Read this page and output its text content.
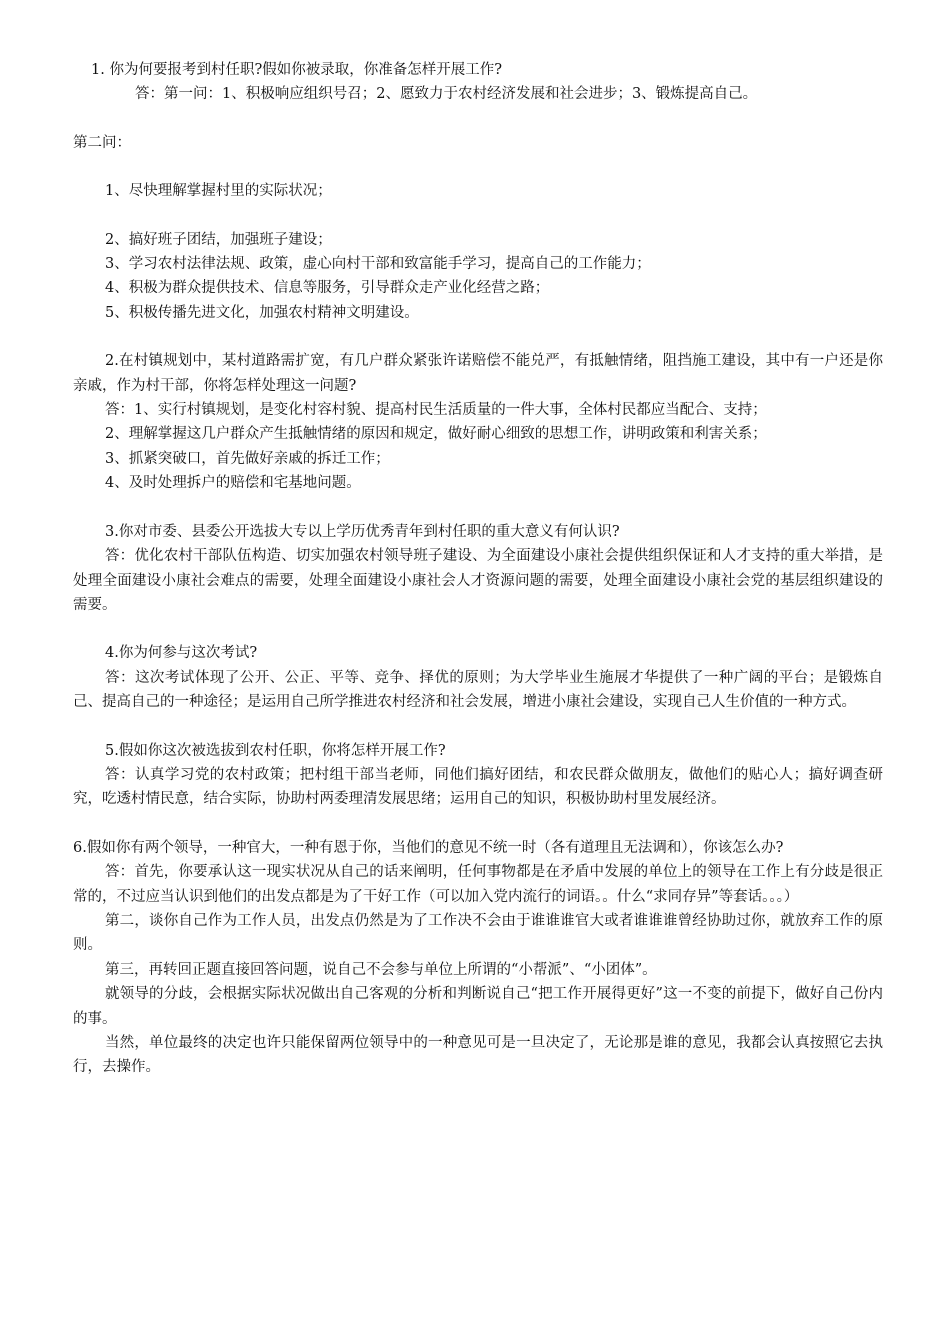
1. 你为何要报考到村任职?假如你被录取，你准备怎样开展工作?
答：第一问：1、积极响应组织号召；2、愿致力于农村经济发展和社会进步；3、锻炼提高自己。
第二问：
1、尽快理解掌握村里的实际状况；
2、搞好班子团结，加强班子建设；
3、学习农村法律法规、政策，虚心向村干部和致富能手学习，提高自己的工作能力；
4、积极为群众提供技术、信息等服务，引导群众走产业化经营之路；
5、积极传播先进文化，加强农村精神文明建设。
2.在村镇规划中，某村道路需扩宽，有几户群众紧张许诺赔偿不能兑严，有抵触情绪，阻挡施工建设，其中有一户还是你亲戚，作为村干部，你将怎样处理这一问题?
答：1、实行村镇规划，是变化村容村貌、提高村民生活质量的一件大事，全体村民都应当配合、支持；
2、理解掌握这几户群众产生抵触情绪的原因和规定，做好耐心细致的思想工作，讲明政策和利害关系；
3、抓紧突破口，首先做好亲戚的拆迁工作；
4、及时处理拆户的赔偿和宅基地问题。
3.你对市委、县委公开选拔大专以上学历优秀青年到村任职的重大意义有何认识?
答：优化农村干部队伍构造、切实加强农村领导班子建设、为全面建设小康社会提供组织保证和人才支持的重大举措，是处理全面建设小康社会难点的需要，处理全面建设小康社会人才资源问题的需要，处理全面建设小康社会党的基层组织建设的需要。
4.你为何参与这次考试?
答：这次考试体现了公开、公正、平等、竞争、择优的原则；为大学毕业生施展才华提供了一种广阔的平台；是锻炼自己、提高自己的一种途径；是运用自己所学推进农村经济和社会发展，增进小康社会建设，实现自己人生价值的一种方式。
5.假如你这次被选拔到农村任职，你将怎样开展工作?
答：认真学习党的农村政策；把村组干部当老师，同他们搞好团结，和农民群众做朋友，做他们的贴心人；搞好调查研究，吃透村情民意，结合实际，协助村两委理清发展思绪；运用自己的知识，积极协助村里发展经济。
6.假如你有两个领导，一种官大，一种有恩于你，当他们的意见不统一时（各有道理且无法调和），你该怎么办?
答：首先，你要承认这一现实状况从自己的话来阐明，任何事物都是在矛盾中发展的单位上的领导在工作上有分歧是很正常的，不过应当认识到他们的出发点都是为了干好工作（可以加入党内流行的词语。。什么“求同存异”等套话。。。）
第二，谈你自己作为工作人员，出发点仍然是为了工作决不会由于谁谁谁官大或者谁谁谁曾经协助过你，就放弃工作的原则。
第三，再转回正题直接回答问题，说自己不会参与单位上所谓的“小帮派”、“小团体”。
就领导的分歧，会根据实际状况做出自己客观的分析和判断说自己“把工作开展得更好”这一不变的前提下，做好自己份内的事。
当然，单位最终的决定也许只能保留两位领导中的一种意见可是一旦决定了，无论那是谁的意见，我都会认真按照它去执行，去操作。
